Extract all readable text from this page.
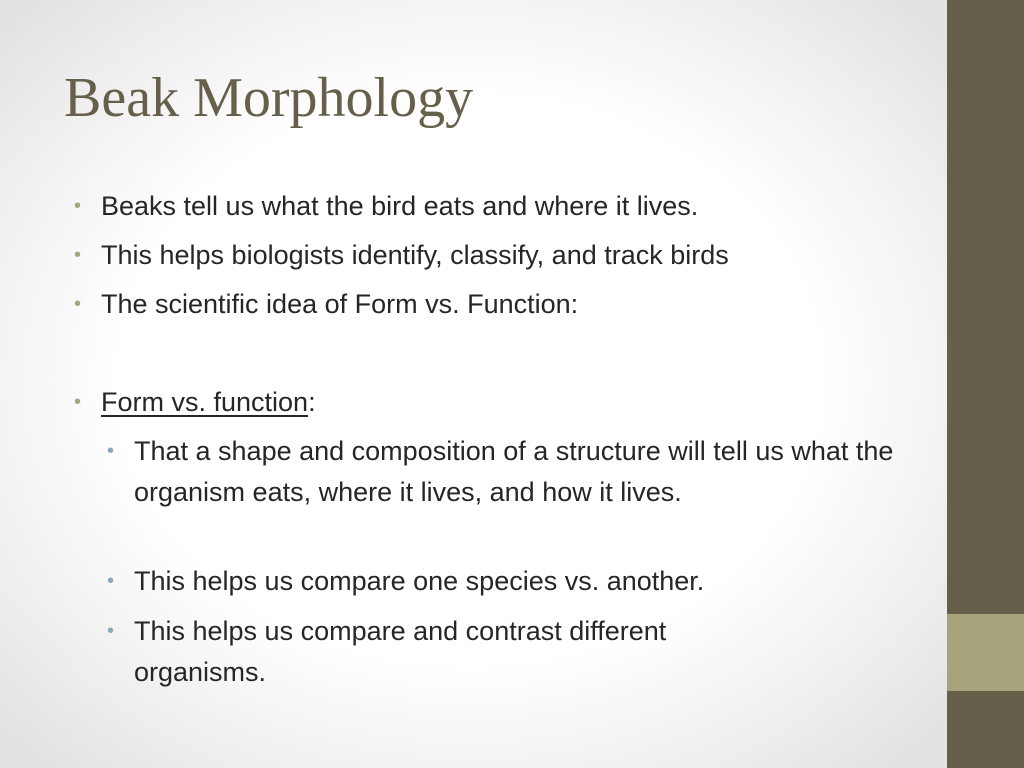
Beak Morphology
• Beaks tell us what the bird eats and where it lives.
• This helps biologists identify, classify, and track birds
• The scientific idea of Form vs. Function:
• Form vs. function:
• That a shape and composition of a structure will tell us what the organism eats, where it lives, and how it lives.
• This helps us compare one species vs. another.
• This helps us compare and contrast different organisms.
